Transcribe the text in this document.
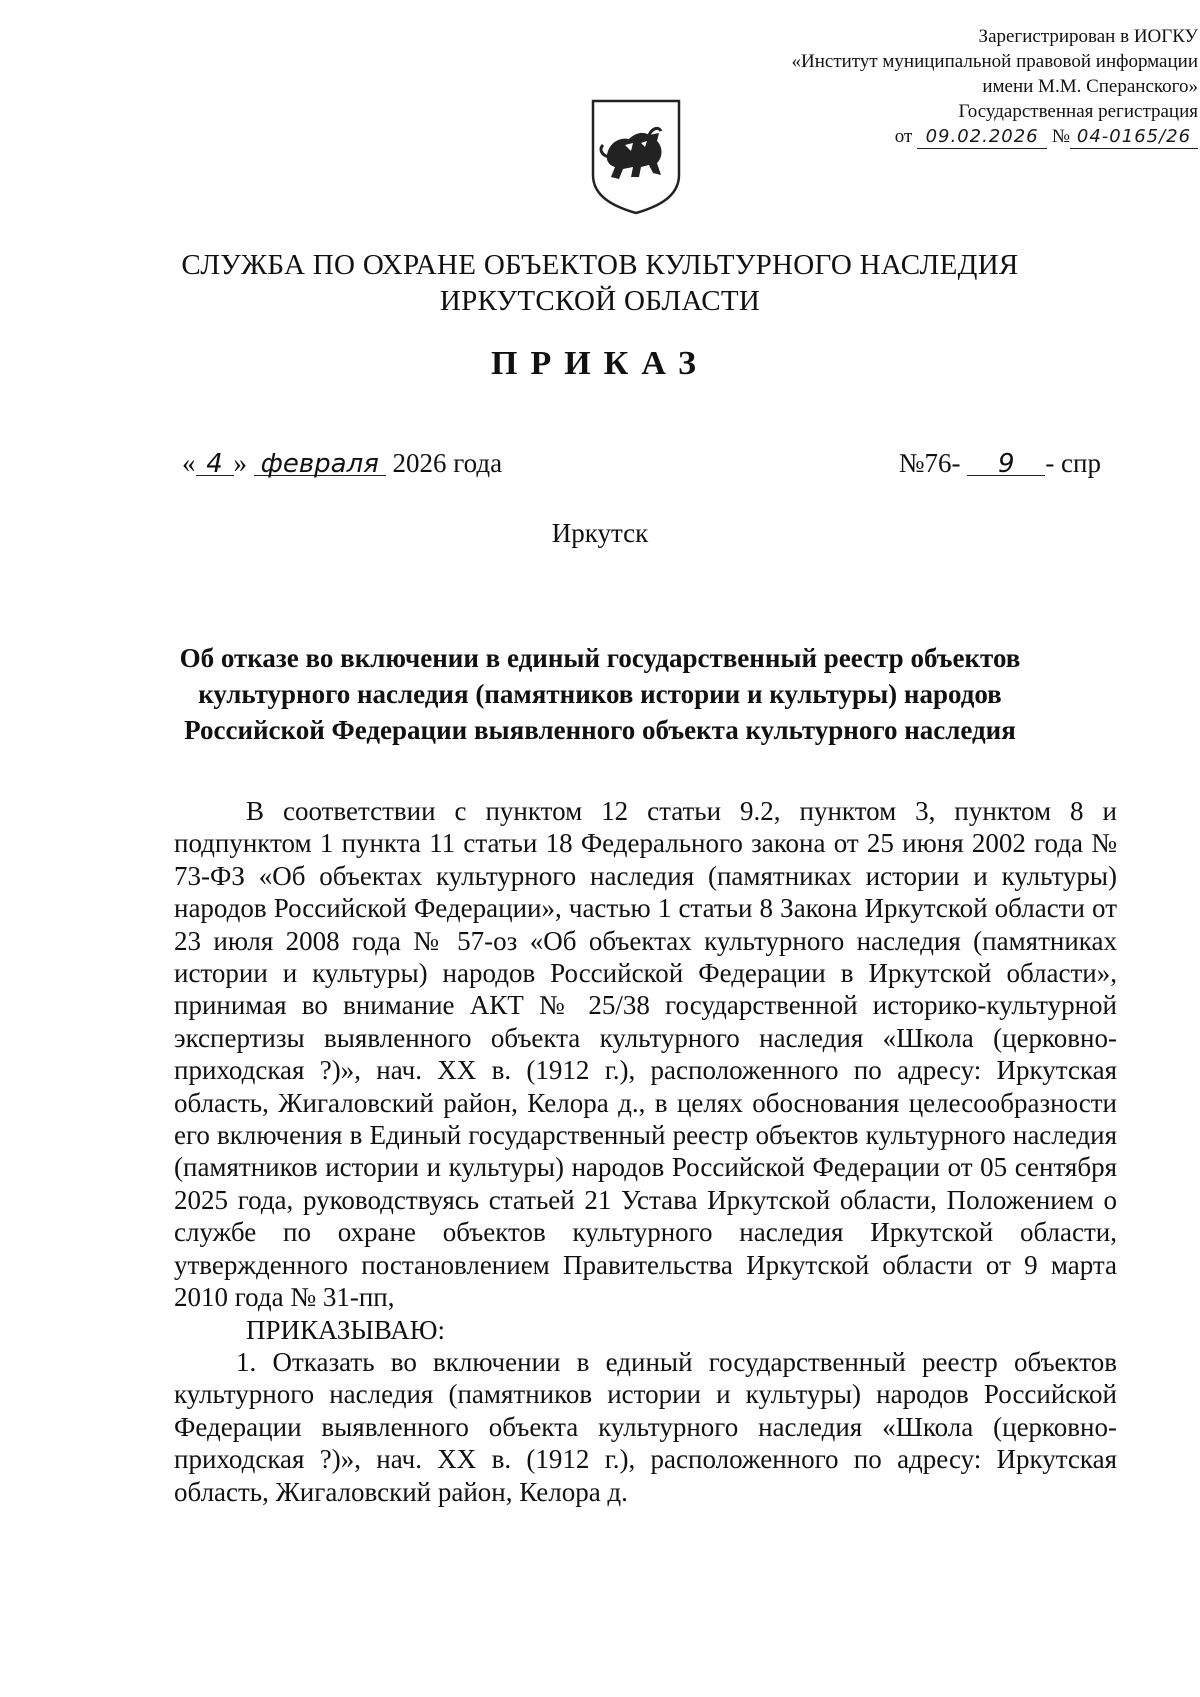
Зарегистрирован в ИОГКУ
«Институт муниципальной правовой информации
имени М.М. Сперанского»
Государственная регистрация
от 09.02.2026 № 04-0165/26
СЛУЖБА ПО ОХРАНЕ ОБЪЕКТОВ КУЛЬТУРНОГО НАСЛЕДИЯ
ИРКУТСКОЙ ОБЛАСТИ
ПРИКАЗ
« 4 » февраля 2026 года	№76- 9 - спр
Иркутск
Об отказе во включении в единый государственный реестр объектов
культурного наследия (памятников истории и культуры) народов
Российской Федерации выявленного объекта культурного наследия

В соответствии с пунктом 12 статьи 9.2, пунктом 3, пунктом 8 и подпунктом 1 пункта 11 статьи 18 Федерального закона от 25 июня 2002 года № 73-ФЗ «Об объектах культурного наследия (памятниках истории и культуры) народов Российской Федерации», частью 1 статьи 8 Закона Иркутской области от 23 июля 2008 года № 57-оз «Об объектах культурного наследия (памятниках истории и культуры) народов Российской Федерации в Иркутской области», принимая во внимание АКТ № 25/38 государственной историко-культурной экспертизы выявленного объекта культурного наследия «Школа (церковно-приходская ?)», нач. XX в. (1912 г.), расположенного по адресу: Иркутская область, Жигаловский район, Келора д., в целях обоснования целесообразности его включения в Единый государственный реестр объектов культурного наследия (памятников истории и культуры) народов Российской Федерации от 05 сентября 2025 года, руководствуясь статьей 21 Устава Иркутской области, Положением о службе по охране объектов культурного наследия Иркутской области, утвержденного постановлением Правительства Иркутской области от 9 марта 2010 года № 31-пп,

ПРИКАЗЫВАЮ:

1. Отказать во включении в единый государственный реестр объектов культурного наследия (памятников истории и культуры) народов Российской Федерации выявленного объекта культурного наследия «Школа (церковно-приходская ?)», нач. XX в. (1912 г.), расположенного по адресу: Иркутская область, Жигаловский район, Келора д.
